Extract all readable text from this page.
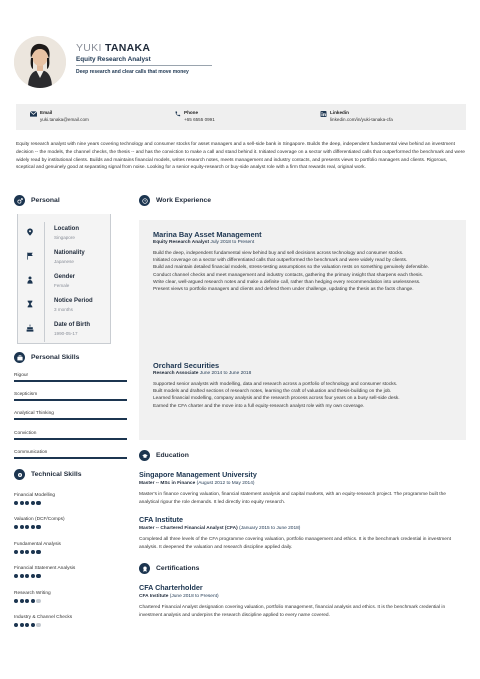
YUKI TANAKA
Equity Research Analyst
Deep research and clear calls that move money
Email
yuki.tanaka@email.com
Phone
+65 6555 0991
Linkedin
linkedin.com/in/yuki-tanaka-cfa
Equity research analyst with nine years covering technology and consumer stocks for asset managers and a sell-side bank in Singapore. Builds the deep, independent fundamental view behind an investment decision -- the models, the channel checks, the thesis -- and has the conviction to make a call and stand behind it. Initiated coverage on a sector with differentiated calls that outperformed the benchmark and were widely read by institutional clients. Builds and maintains financial models, writes research notes, meets management and industry contacts, and presents views to portfolio managers and clients. Rigorous, sceptical and genuinely good at separating signal from noise. Looking for a senior equity-research or buy-side analyst role with a firm that rewards real, original work.
Personal
Location
Singapore
Nationality
Japanese
Gender
Female
Notice Period
3 months
Date of Birth
1990-05-17
Personal Skills
Rigour
Scepticism
Analytical Thinking
Conviction
Communication
Technical Skills
Financial Modelling
Valuation (DCF/Comps)
Fundamental Analysis
Financial Statement Analysis
Research Writing
Industry & Channel Checks
Work Experience
Marina Bay Asset Management
Equity Research Analyst July 2018 to Present
Build the deep, independent fundamental view behind buy and sell decisions across technology and consumer stocks.
Initiated coverage on a sector with differentiated calls that outperformed the benchmark and were widely read by clients.
Build and maintain detailed financial models, stress-testing assumptions so the valuation rests on something genuinely defensible.
Conduct channel checks and meet management and industry contacts, gathering the primary insight that sharpens each thesis.
Write clear, well-argued research notes and make a definite call, rather than hedging every recommendation into uselessness.
Present views to portfolio managers and clients and defend them under challenge, updating the thesis as the facts change.
Orchard Securities
Research Associate June 2014 to June 2018
Supported senior analysts with modelling, data and research across a portfolio of technology and consumer stocks.
Built models and drafted sections of research notes, learning the craft of valuation and thesis-building on the job.
Learned financial modelling, company analysis and the research process across four years on a busy sell-side desk.
Earned the CFA charter and the move into a full equity-research analyst role with my own coverage.
Education
Singapore Management University
Master -- MSc in Finance (August 2012 to May 2014)
Master's in finance covering valuation, financial statement analysis and capital markets, with an equity-research project. The programme built the analytical rigour the role demands. It led directly into equity research.
CFA Institute
Master -- Chartered Financial Analyst (CFA) (January 2015 to June 2018)
Completed all three levels of the CFA programme covering valuation, portfolio management and ethics. It is the benchmark credential in investment analysis. It deepened the valuation and research discipline applied daily.
Certifications
CFA Charterholder
CFA Institute (June 2018 to Present)
Chartered Financial Analyst designation covering valuation, portfolio management, financial analysis and ethics. It is the benchmark credential in investment analysis and underpins the research discipline applied to every name covered.
